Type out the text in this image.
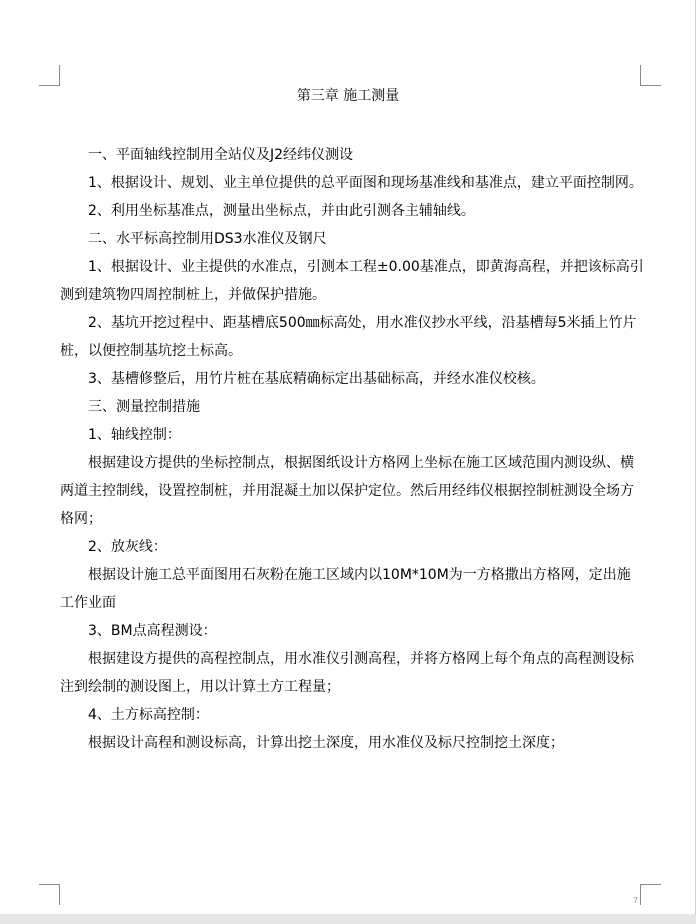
第三章 施工测量

一、平面轴线控制用全站仪及J2经纬仪测设

1、根据设计、规划、业主单位提供的总平面图和现场基准线和基准点，建立平面控制网。

2、利用坐标基准点，测量出坐标点，并由此引测各主辅轴线。

二、水平标高控制用DS3水准仪及钢尺

1、根据设计、业主提供的水准点，引测本工程±0.00基准点，即黄海高程，并把该标高引测到建筑物四周控制桩上，并做保护措施。

2、基坑开挖过程中、距基槽底500㎜标高处，用水准仪抄水平线，沿基槽每5米插上竹片桩，以便控制基坑挖土标高。

3、基槽修整后，用竹片桩在基底精确标定出基础标高，并经水准仪校核。

三、测量控制措施

1、轴线控制：

根据建设方提供的坐标控制点，根据图纸设计方格网上坐标在施工区域范围内测设纵、横两道主控制线，设置控制桩，并用混凝土加以保护定位。然后用经纬仪根据控制桩测设全场方格网；

2、放灰线：

根据设计施工总平面图用石灰粉在施工区域内以10M*10M为一方格撒出方格网，定出施工作业面

3、BM点高程测设：

根据建设方提供的高程控制点，用水准仪引测高程，并将方格网上每个角点的高程测设标注到绘制的测设图上，用以计算土方工程量；

4、土方标高控制：

根据设计高程和测设标高，计算出挖土深度，用水准仪及标尺控制挖土深度；

7
